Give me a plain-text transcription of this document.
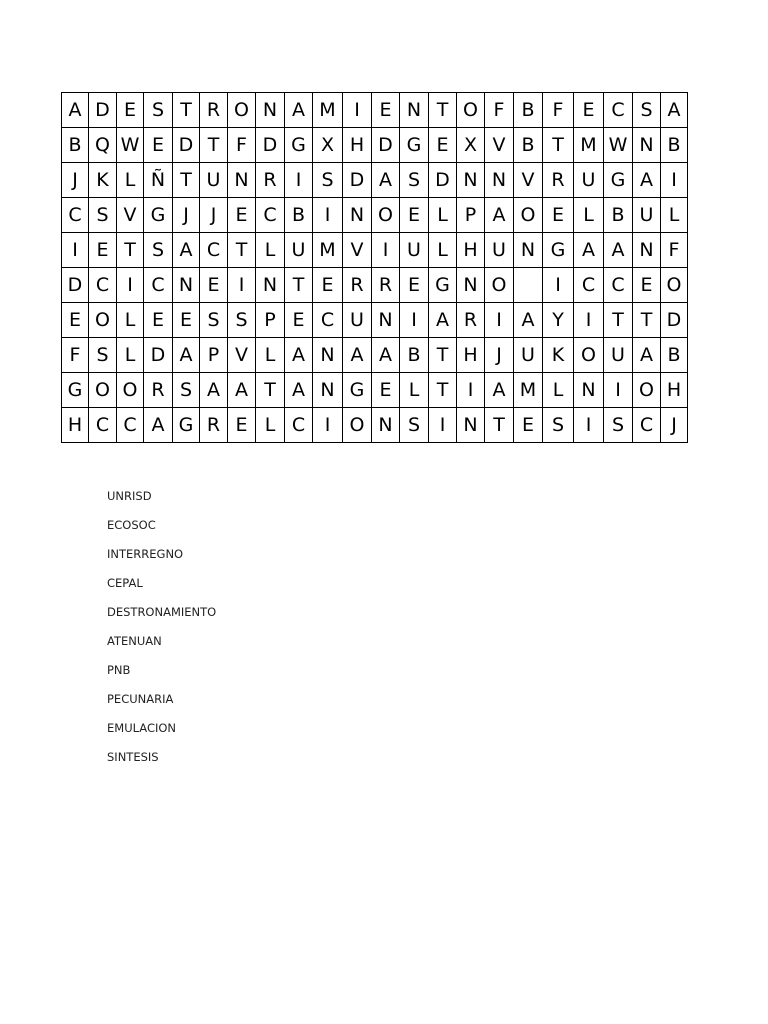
A	D	E	S	T	R	O	N	A	M	I	E	N	T	O	F	B	F	E	C	S	A
B	Q	W	E	D	T	F	D	G	X	H	D	G	E	X	V	B	T	M	W	N	B
J	K	L	Ñ	T	U	N	R	I	S	D	A	S	D	N	N	V	R	U	G	A	I
C	S	V	G	J	J	E	C	B	I	N	O	E	L	P	A	O	E	L	B	U	L
I	E	T	S	A	C	T	L	U	M	V	I	U	L	H	U	N	G	A	A	N	F
D	C	I	C	N	E	I	N	T	E	R	R	E	G	N	O		I	C	C	E	O
E	O	L	E	E	S	S	P	E	C	U	N	I	A	R	I	A	Y	I	T	T	D
F	S	L	D	A	P	V	L	A	N	A	A	B	T	H	J	U	K	O	U	A	B
G	O	O	R	S	A	A	T	A	N	G	E	L	T	I	A	M	L	N	I	O	H
H	C	C	A	G	R	E	L	C	I	O	N	S	I	N	T	E	S	I	S	C	J
UNRISD
ECOSOC
INTERREGNO
CEPAL
DESTRONAMIENTO
ATENUAN
PNB
PECUNARIA
EMULACION
SINTESIS
